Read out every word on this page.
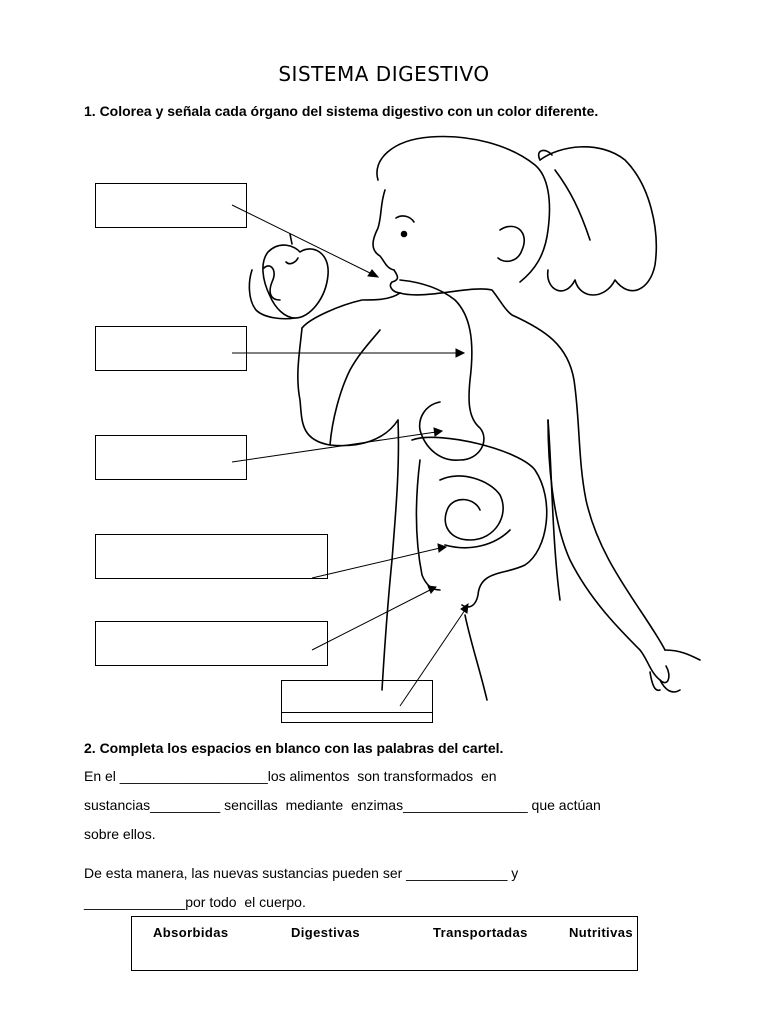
SISTEMA DIGESTIVO
1. Colorea y señala cada órgano del sistema digestivo con un color diferente.
2. Completa los espacios en blanco con las palabras del cartel.
En el ___________________los alimentos  son transformados  en
sustancias_________ sencillas  mediante  enzimas________________ que actúan
sobre ellos.
De esta manera, las nuevas sustancias pueden ser _____________ y
_____________por todo  el cuerpo.
Absorbidas	Digestivas	Transportadas	Nutritivas
